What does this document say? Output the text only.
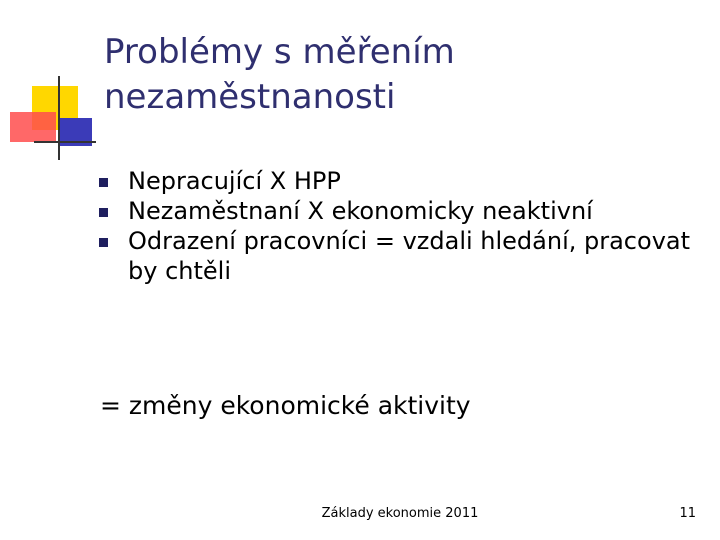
Problémy s měřením nezaměstnanosti
Nepracující X HPP
Nezaměstnaní X ekonomicky neaktivní
Odrazení pracovníci = vzdali hledání, pracovat by chtěli
= změny ekonomické aktivity
Základy ekonomie 2011	11
